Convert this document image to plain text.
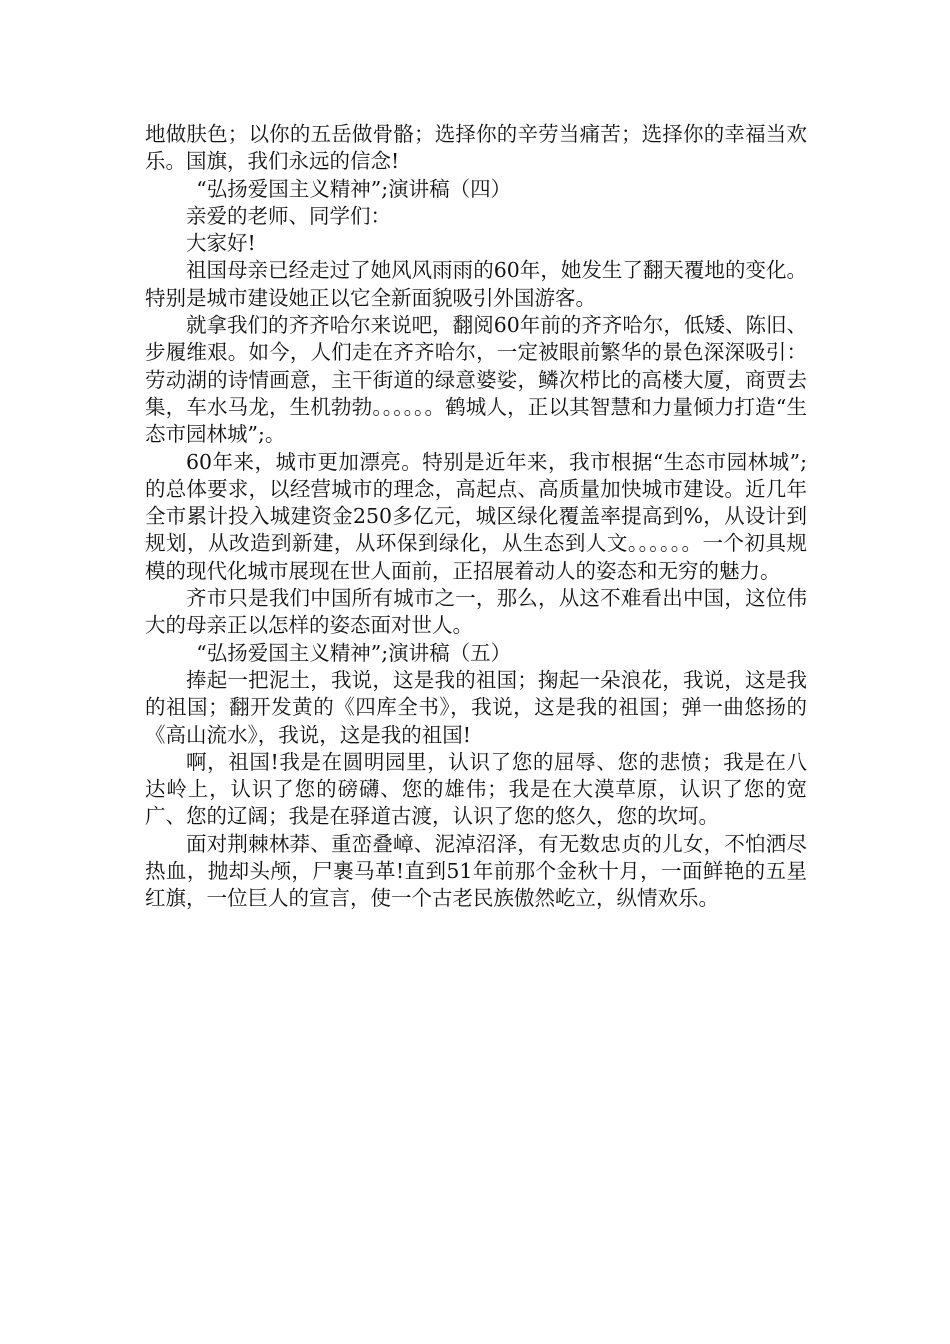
地做肤色；以你的五岳做骨骼；选择你的辛劳当痛苦；选择你的幸福当欢乐。国旗，我们永远的信念!

“弘扬爱国主义精神”;演讲稿（四）

亲爱的老师、同学们：

大家好!

祖国母亲已经走过了她风风雨雨的60年，她发生了翻天覆地的变化。特别是城市建设她正以它全新面貌吸引外国游客。

就拿我们的齐齐哈尔来说吧，翻阅60年前的齐齐哈尔，低矮、陈旧、步履维艰。如今，人们走在齐齐哈尔，一定被眼前繁华的景色深深吸引：劳动湖的诗情画意，主干街道的绿意婆娑，鳞次栉比的高楼大厦，商贾去集，车水马龙，生机勃勃。。。。。。鹤城人，正以其智慧和力量倾力打造“生态市园林城”;。

60年来，城市更加漂亮。特别是近年来，我市根据“生态市园林城”;的总体要求，以经营城市的理念，高起点、高质量加快城市建设。近几年全市累计投入城建资金250多亿元，城区绿化覆盖率提高到%，从设计到规划，从改造到新建，从环保到绿化，从生态到人文。。。。。。一个初具规模的现代化城市展现在世人面前，正招展着动人的姿态和无穷的魅力。

齐市只是我们中国所有城市之一，那么，从这不难看出中国，这位伟大的母亲正以怎样的姿态面对世人。

“弘扬爱国主义精神”;演讲稿（五）

捧起一把泥土，我说，这是我的祖国；掬起一朵浪花，我说，这是我的祖国；翻开发黄的《四库全书》，我说，这是我的祖国；弹一曲悠扬的《高山流水》，我说，这是我的祖国!

啊，祖国!我是在圆明园里，认识了您的屈辱、您的悲愤；我是在八达岭上，认识了您的磅礴、您的雄伟；我是在大漠草原，认识了您的宽广、您的辽阔；我是在驿道古渡，认识了您的悠久，您的坎坷。

面对荆棘林莽、重峦叠嶂、泥淖沼泽，有无数忠贞的儿女，不怕洒尽热血，抛却头颅，尸裹马革!直到51年前那个金秋十月，一面鲜艳的五星红旗，一位巨人的宣言，使一个古老民族傲然屹立，纵情欢乐。
